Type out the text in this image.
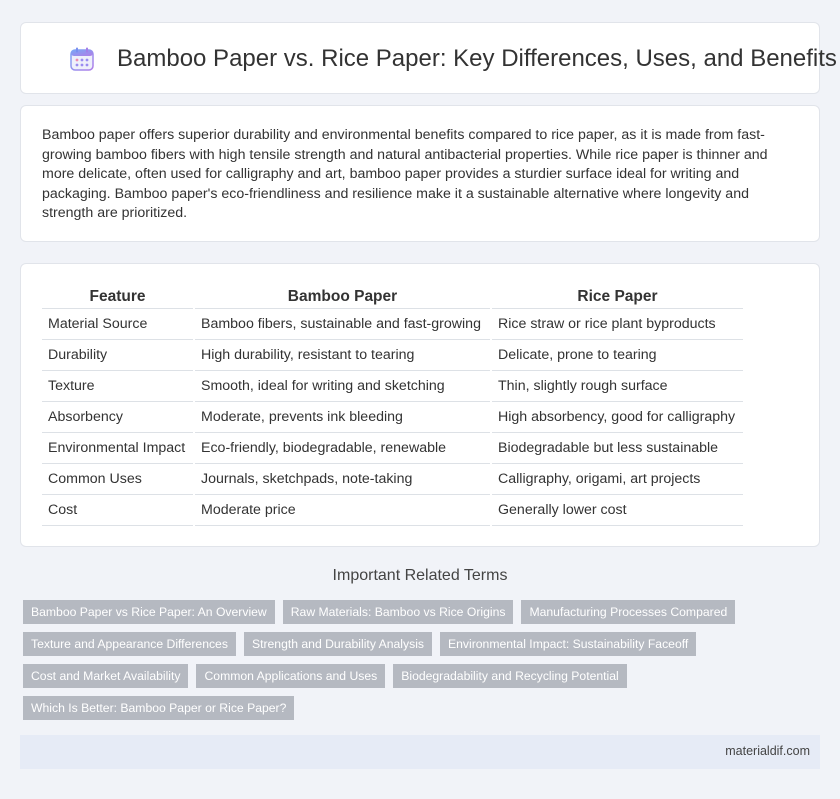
Bamboo Paper vs. Rice Paper: Key Differences, Uses, and Benefits

Bamboo paper offers superior durability and environmental benefits compared to rice paper, as it is made from fast-growing bamboo fibers with high tensile strength and natural antibacterial properties. While rice paper is thinner and more delicate, often used for calligraphy and art, bamboo paper provides a sturdier surface ideal for writing and packaging. Bamboo paper's eco-friendliness and resilience make it a sustainable alternative where longevity and strength are prioritized.

Feature	Bamboo Paper	Rice Paper
Material Source	Bamboo fibers, sustainable and fast-growing	Rice straw or rice plant byproducts
Durability	High durability, resistant to tearing	Delicate, prone to tearing
Texture	Smooth, ideal for writing and sketching	Thin, slightly rough surface
Absorbency	Moderate, prevents ink bleeding	High absorbency, good for calligraphy
Environmental Impact	Eco-friendly, biodegradable, renewable	Biodegradable but less sustainable
Common Uses	Journals, sketchpads, note-taking	Calligraphy, origami, art projects
Cost	Moderate price	Generally lower cost
Important Related Terms
Bamboo Paper vs Rice Paper: An Overview	Raw Materials: Bamboo vs Rice Origins	Manufacturing Processes Compared
Texture and Appearance Differences	Strength and Durability Analysis	Environmental Impact: Sustainability Faceoff
Cost and Market Availability	Common Applications and Uses	Biodegradability and Recycling Potential
Which Is Better: Bamboo Paper or Rice Paper?
materialdif.com
